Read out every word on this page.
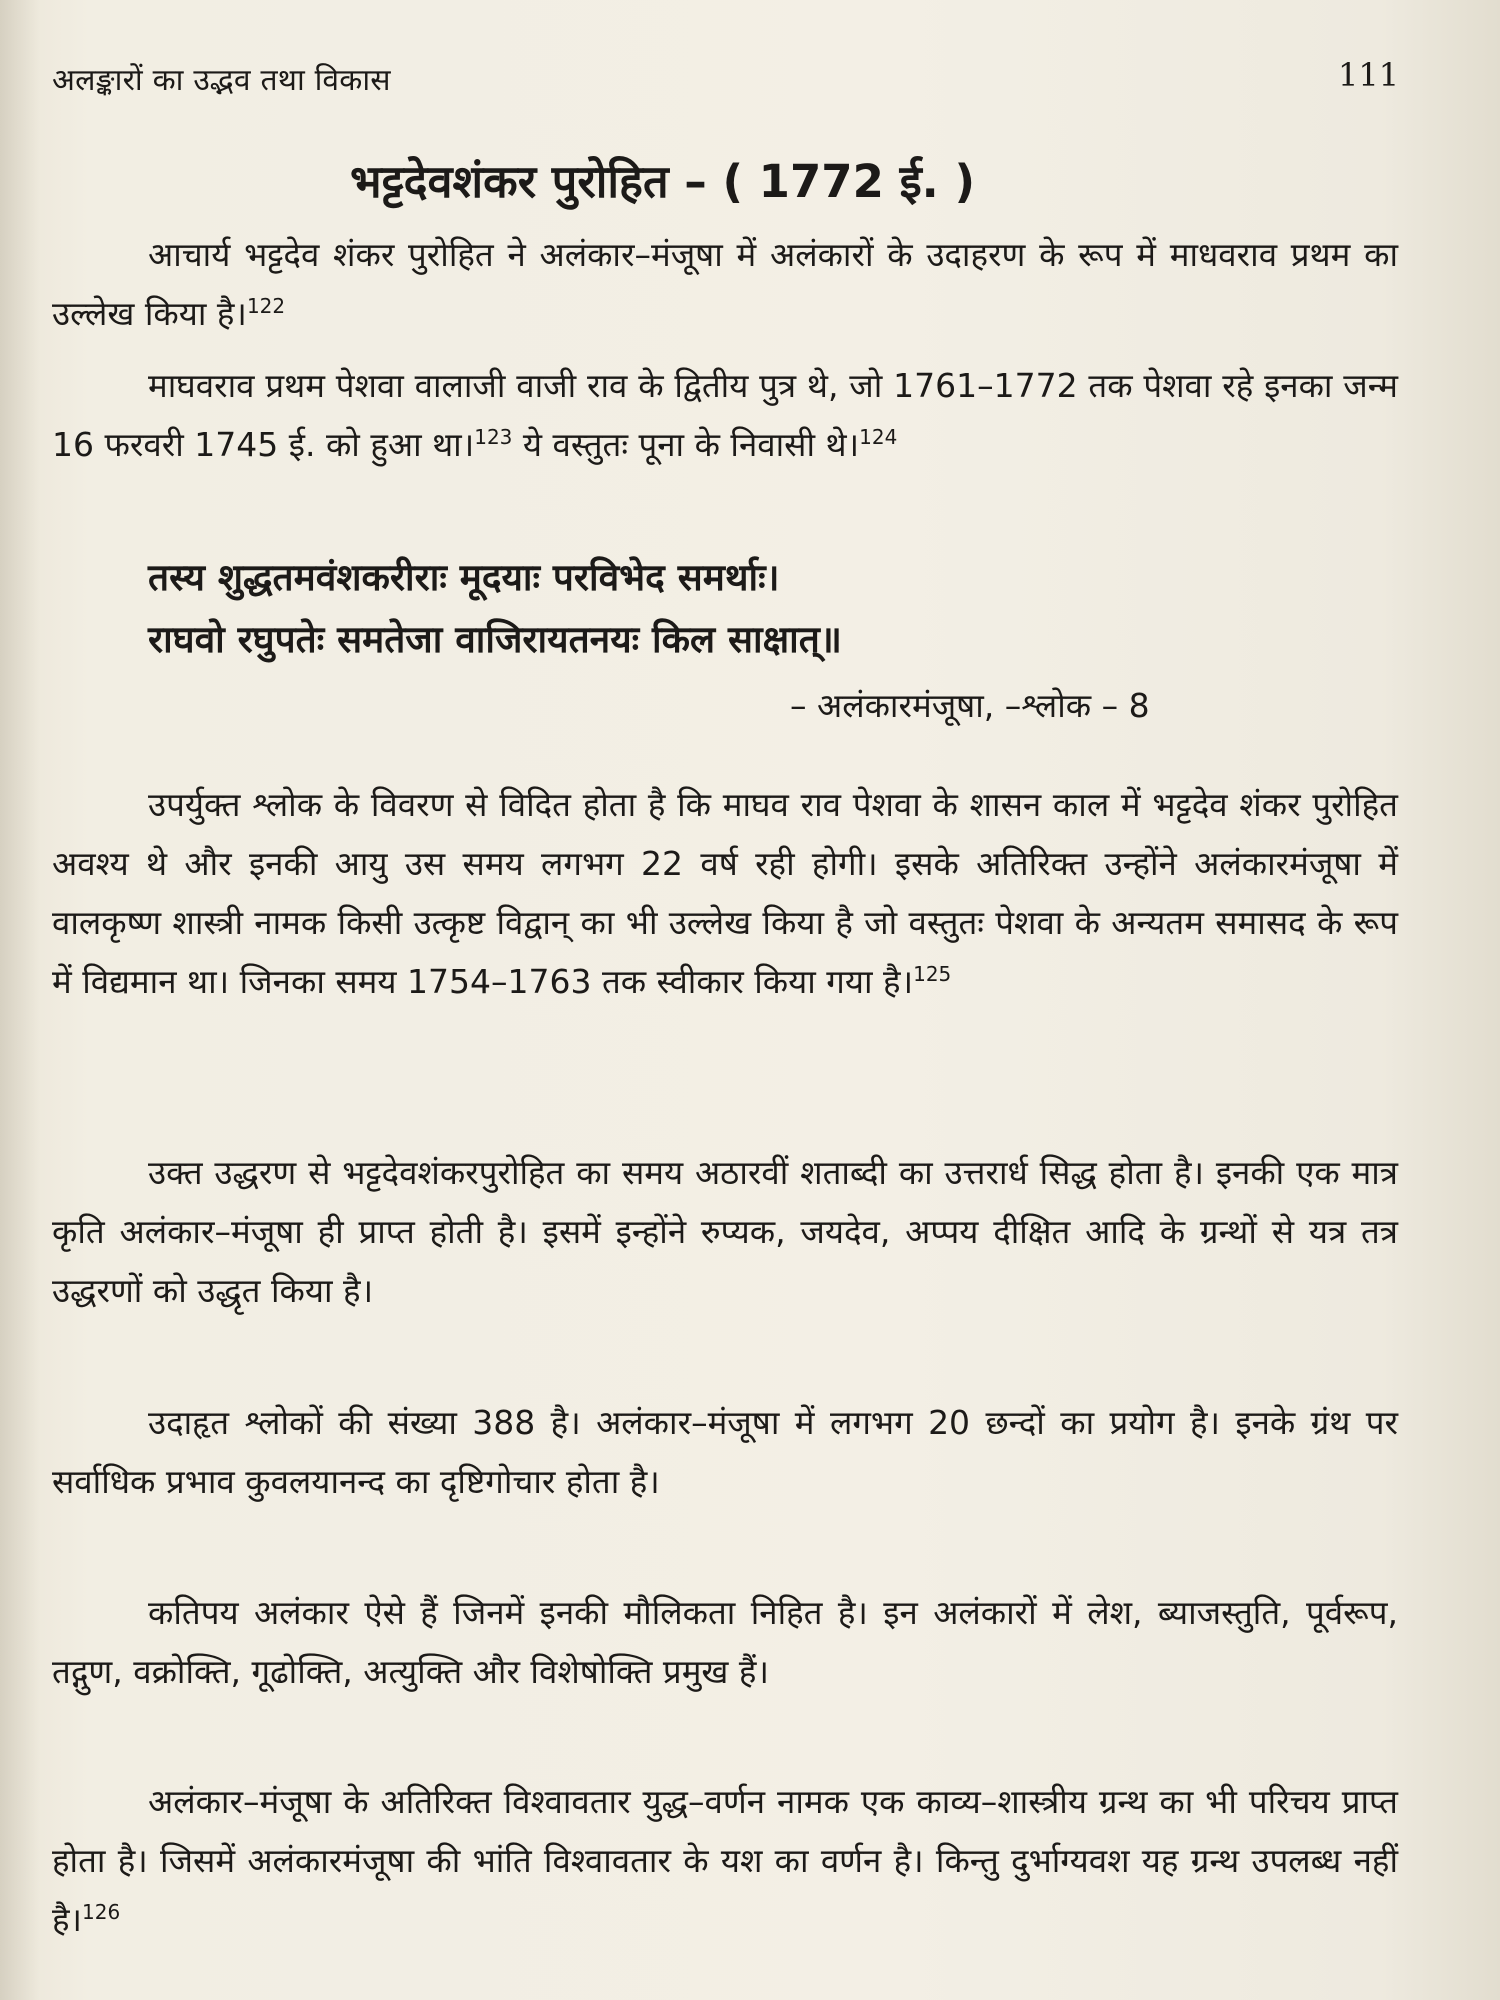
अलङ्कारों का उद्भव तथा विकास	111
भट्टदेवशंकर पुरोहित – ( 1772 ई. )

आचार्य भट्टदेव शंकर पुरोहित ने अलंकार–मंजूषा में अलंकारों के उदाहरण के रूप में माधवराव प्रथम का उल्लेख किया है।$^{122}$

माघवराव प्रथम पेशवा वालाजी वाजी राव के द्वितीय पुत्र थे, जो 1761–1772 तक पेशवा रहे इनका जन्म 16 फरवरी 1745 ई. को हुआ था।$^{123}$ ये वस्तुतः पूना के निवासी थे।$^{124}$

तस्य शुद्धतमवंशकरीराः मूदयाः परविभेद समर्थाः।
राघवो रघुपतेः समतेजा वाजिरायतनयः किल साक्षात्॥
– अलंकारमंजूषा, –श्लोक – 8

उपर्युक्त श्लोक के विवरण से विदित होता है कि माघव राव पेशवा के शासन काल में भट्टदेव शंकर पुरोहित अवश्य थे और इनकी आयु उस समय लगभग 22 वर्ष रही होगी। इसके अतिरिक्त उन्होंने अलंकारमंजूषा में वालकृष्ण शास्त्री नामक किसी उत्कृष्ट विद्वान् का भी उल्लेख किया है जो वस्तुतः पेशवा के अन्यतम समासद के रूप में विद्यमान था। जिनका समय 1754–1763 तक स्वीकार किया गया है।$^{125}$

उक्त उद्धरण से भट्टदेवशंकरपुरोहित का समय अठारवीं शताब्दी का उत्तरार्ध सिद्ध होता है। इनकी एक मात्र कृति अलंकार–मंजूषा ही प्राप्त होती है। इसमें इन्होंने रुप्यक, जयदेव, अप्पय दीक्षित आदि के ग्रन्थों से यत्र तत्र उद्धरणों को उद्धृत किया है।

उदाहृत श्लोकों की संख्या 388 है। अलंकार–मंजूषा में लगभग 20 छन्दों का प्रयोग है। इनके ग्रंथ पर सर्वाधिक प्रभाव कुवलयानन्द का दृष्टिगोचार होता है।

कतिपय अलंकार ऐसे हैं जिनमें इनकी मौलिकता निहित है। इन अलंकारों में लेश, ब्याजस्तुति, पूर्वरूप, तद्गुण, वक्रोक्ति, गूढोक्ति, अत्युक्ति और विशेषोक्ति प्रमुख हैं।

अलंकार–मंजूषा के अतिरिक्त विश्वावतार युद्ध–वर्णन नामक एक काव्य–शास्त्रीय ग्रन्थ का भी परिचय प्राप्त होता है। जिसमें अलंकारमंजूषा की भांति विश्वावतार के यश का वर्णन है। किन्तु दुर्भाग्यवश यह ग्रन्थ उपलब्ध नहीं है।$^{126}$
